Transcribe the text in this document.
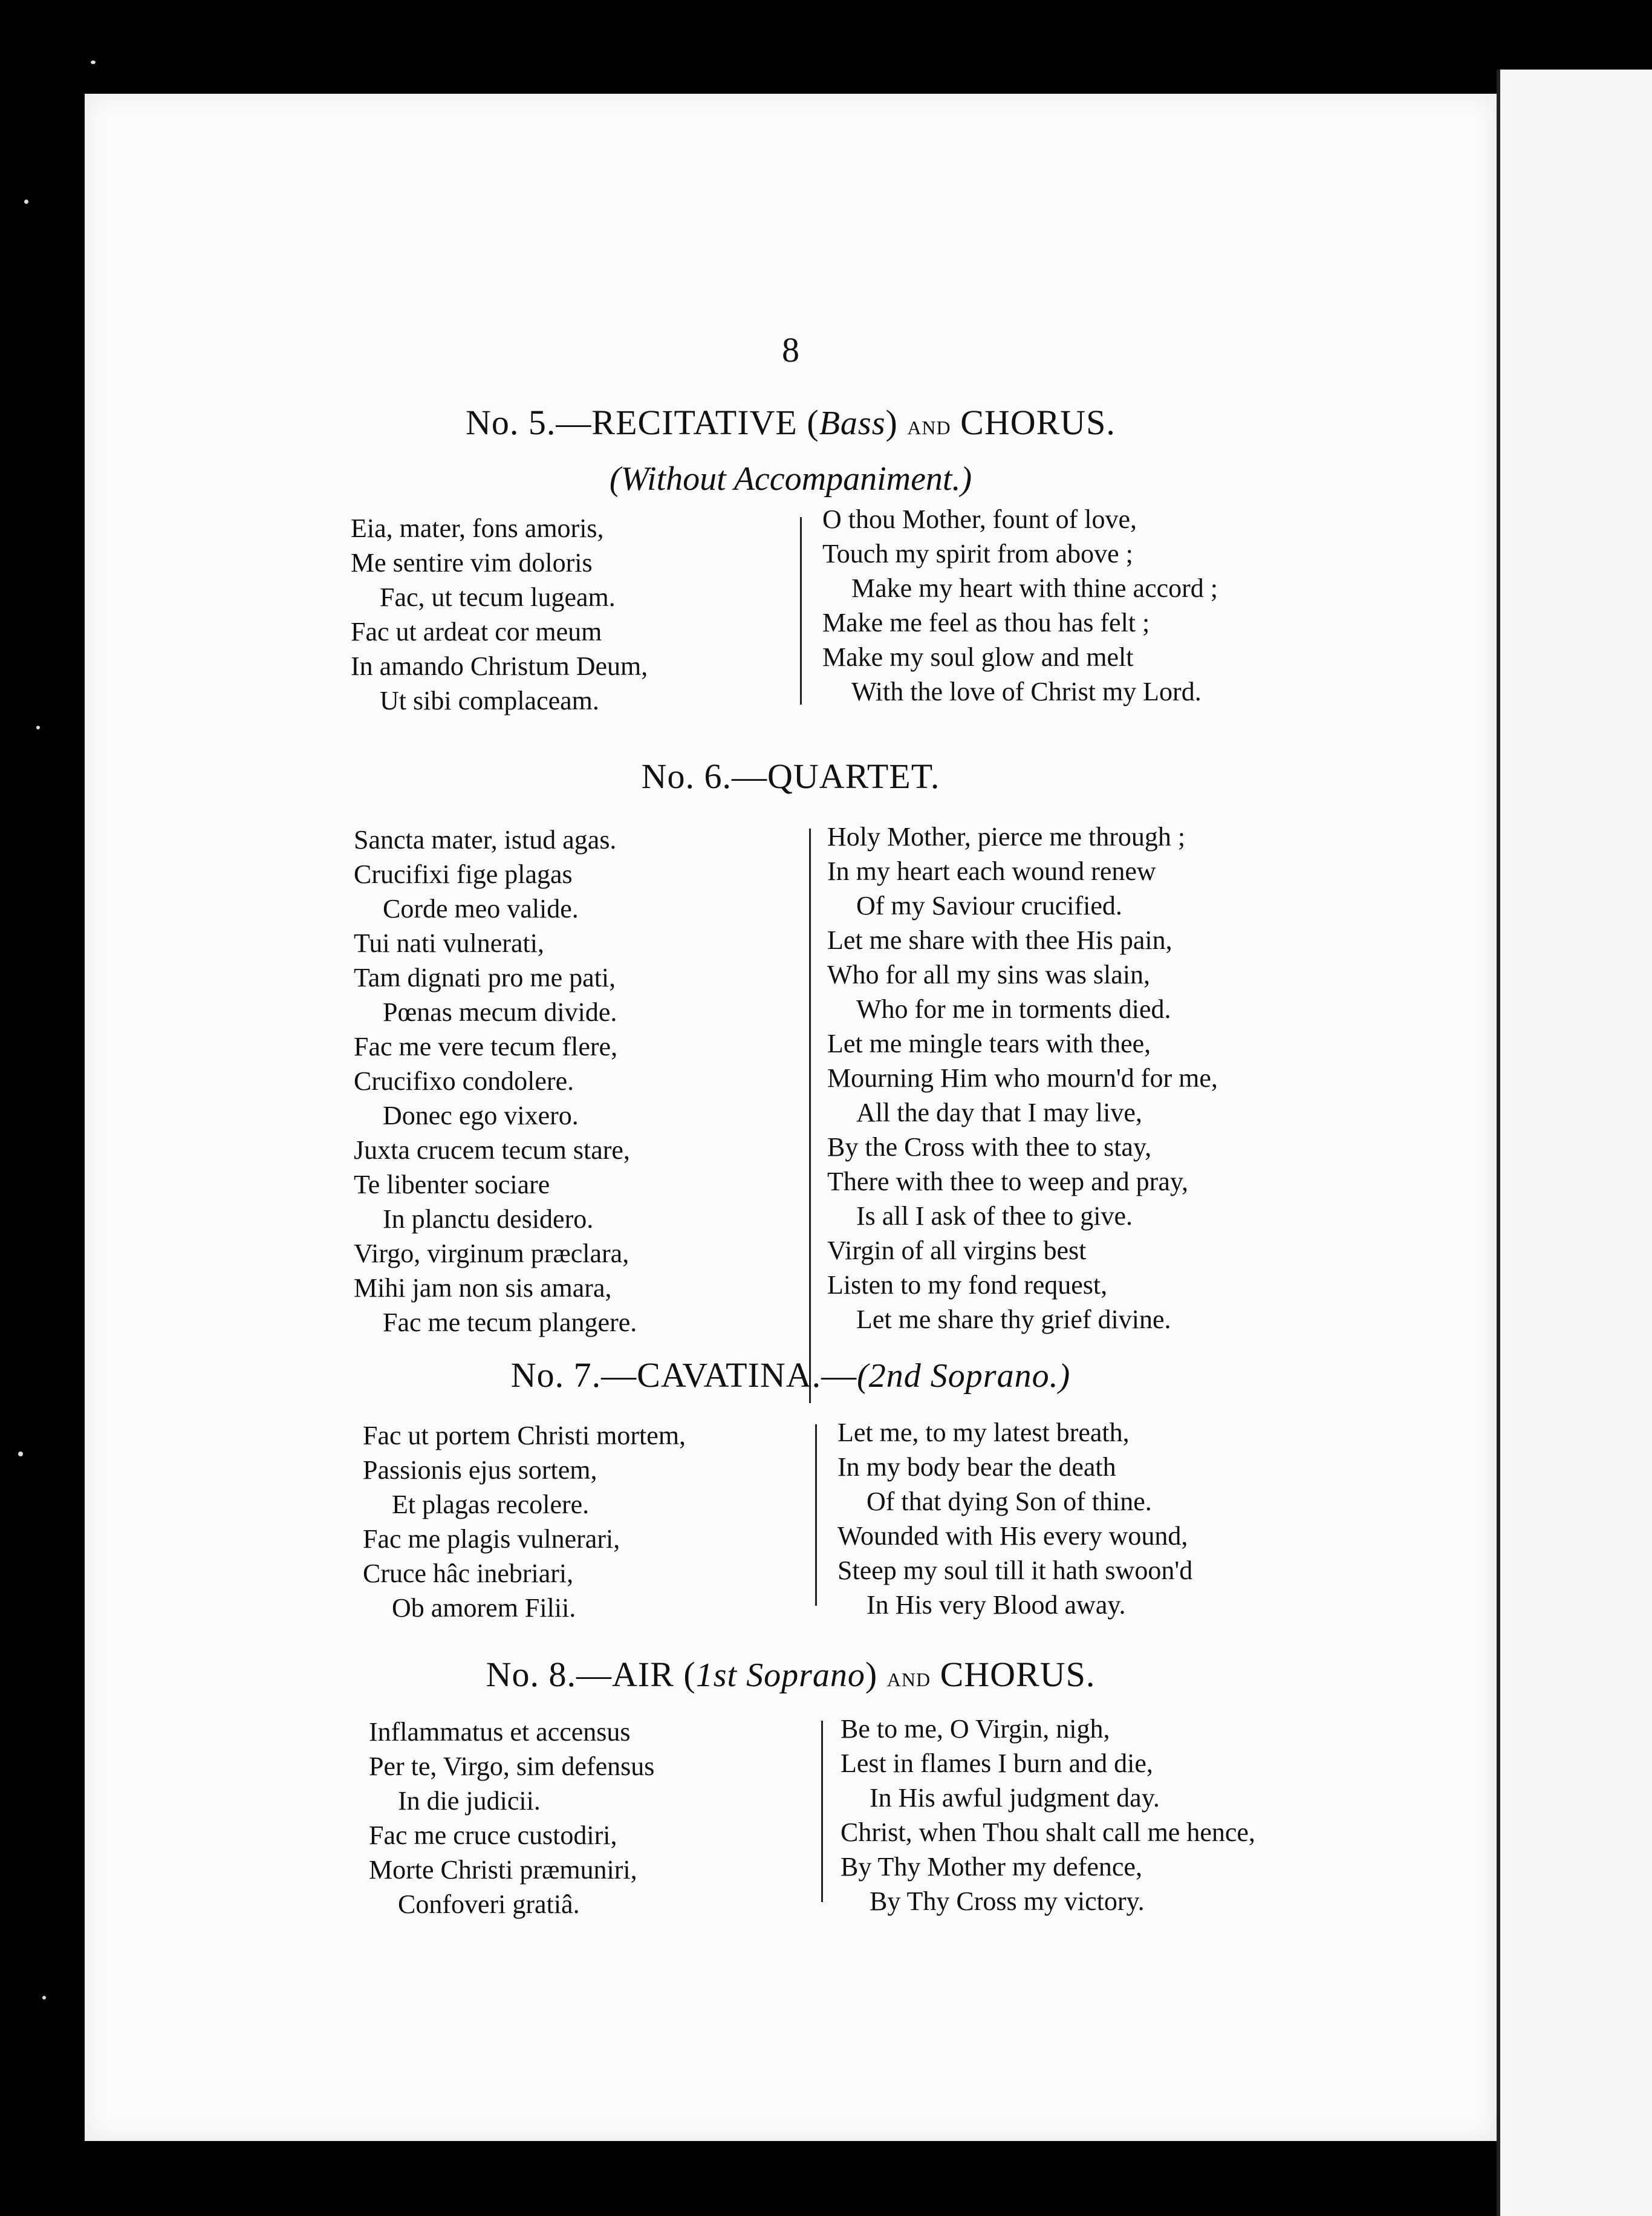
8
No. 5.—RECITATIVE (Bass) and CHORUS.
(Without Accompaniment.)
Eia, mater, fons amoris,
Me sentire vim doloris
Fac, ut tecum lugeam.
Fac ut ardeat cor meum
In amando Christum Deum,
Ut sibi complaceam.
O thou Mother, fount of love,
Touch my spirit from above ;
Make my heart with thine accord ;
Make me feel as thou has felt ;
Make my soul glow and melt
With the love of Christ my Lord.
No. 6.—QUARTET.
Sancta mater, istud agas.
Crucifixi fige plagas
Corde meo valide.
Tui nati vulnerati,
Tam dignati pro me pati,
Pœnas mecum divide.
Fac me vere tecum flere,
Crucifixo condolere.
Donec ego vixero.
Juxta crucem tecum stare,
Te libenter sociare
In planctu desidero.
Virgo, virginum præclara,
Mihi jam non sis amara,
Fac me tecum plangere.
Holy Mother, pierce me through ;
In my heart each wound renew
Of my Saviour crucified.
Let me share with thee His pain,
Who for all my sins was slain,
Who for me in torments died.
Let me mingle tears with thee,
Mourning Him who mourn'd for me,
All the day that I may live,
By the Cross with thee to stay,
There with thee to weep and pray,
Is all I ask of thee to give.
Virgin of all virgins best
Listen to my fond request,
Let me share thy grief divine.
No. 7.—CAVATINA.—(2nd Soprano.)
Fac ut portem Christi mortem,
Passionis ejus sortem,
Et plagas recolere.
Fac me plagis vulnerari,
Cruce hâc inebriari,
Ob amorem Filii.
Let me, to my latest breath,
In my body bear the death
Of that dying Son of thine.
Wounded with His every wound,
Steep my soul till it hath swoon'd
In His very Blood away.
No. 8.—AIR (1st Soprano) and CHORUS.
Inflammatus et accensus
Per te, Virgo, sim defensus
In die judicii.
Fac me cruce custodiri,
Morte Christi præmuniri,
Confoveri gratiâ.
Be to me, O Virgin, nigh,
Lest in flames I burn and die,
In His awful judgment day.
Christ, when Thou shalt call me hence,
By Thy Mother my defence,
By Thy Cross my victory.
